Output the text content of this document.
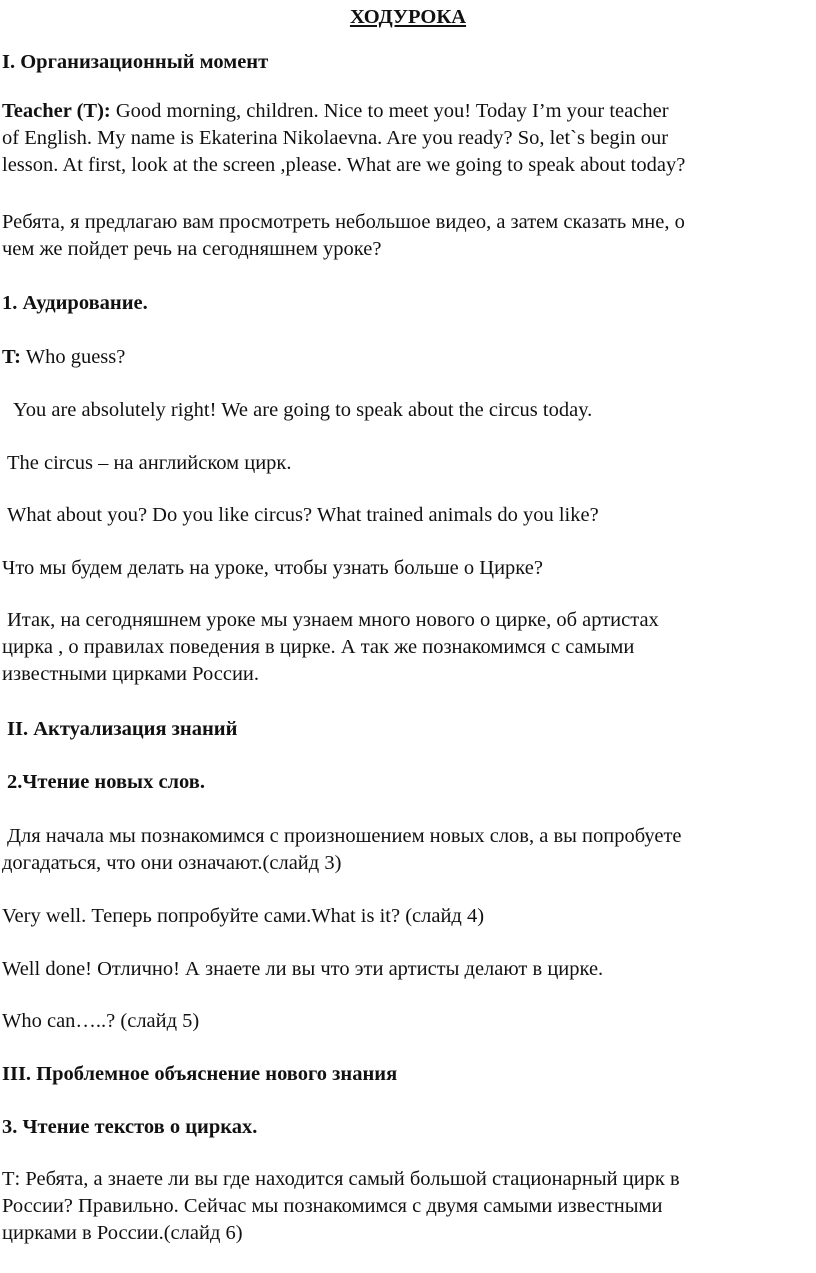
ХОДУРОКА

I. Организационный момент

Teacher (T): Good morning, children. Nice to meet you! Today I’m your teacher
of English. My name is Ekaterina Nikolaevna. Are you ready? So, let`s begin our
lesson. At first, look at the screen ,please. What are we going to speak about today?

Ребята, я предлагаю вам просмотреть небольшое видео, а затем сказать мне, о
чем же пойдет речь на сегодняшнем уроке?

1. Аудирование.

T: Who guess?

You are absolutely right! We are going to speak about the circus today.

The circus – на английском цирк.

What about you? Do you like circus? What trained animals do you like?

Что мы будем делать на уроке, чтобы узнать больше о Цирке?

Итак, на сегодняшнем уроке мы узнаем много нового о цирке, об артистах
цирка , о правилах поведения в цирке. А так же познакомимся с самыми
известными цирками России.

II. Актуализация знаний

2.Чтение новых слов.

Для начала мы познакомимся с произношением новых слов, а вы попробуете
догадаться, что они означают.(слайд 3)

Very well. Теперь попробуйте сами.What is it? (слайд 4)

Well done! Отлично! А знаете ли вы что эти артисты делают в цирке.

Who can…..? (слайд 5)

III. Проблемное объяснение нового знания

3. Чтение текстов о цирках.

Т: Ребята, а знаете ли вы где находится самый большой стационарный цирк в
России? Правильно. Сейчас мы познакомимся с двумя самыми известными
цирками в России.(слайд 6)
